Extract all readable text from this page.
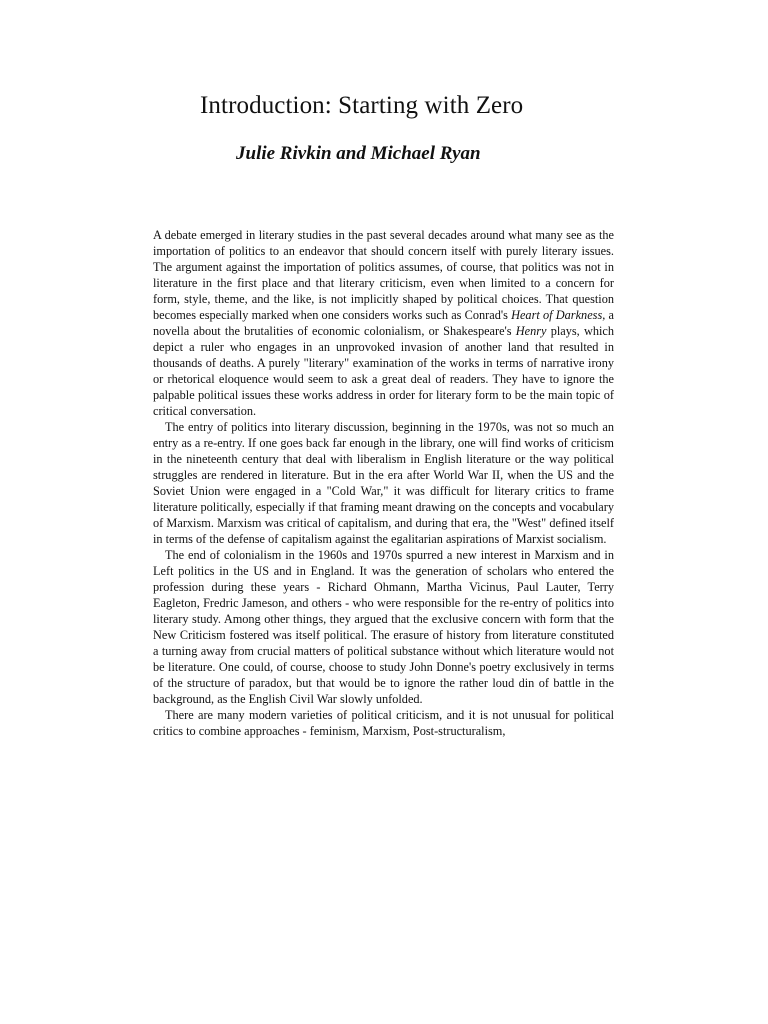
Introduction: Starting with Zero
Julie Rivkin and Michael Ryan

A debate emerged in literary studies in the past several decades around what many see as the importation of politics to an endeavor that should concern itself with purely literary issues. The argument against the importation of politics assumes, of course, that politics was not in literature in the first place and that literary criticism, even when limited to a concern for form, style, theme, and the like, is not implicitly shaped by political choices. That question becomes especially marked when one considers works such as Conrad's Heart of Darkness, a novella about the brutalities of economic colonialism, or Shakespeare's Henry plays, which depict a ruler who engages in an unprovoked invasion of another land that resulted in thousands of deaths. A purely "literary" examination of the works in terms of narrative irony or rhetorical eloquence would seem to ask a great deal of readers. They have to ignore the palpable political issues these works address in order for literary form to be the main topic of critical conversation.

The entry of politics into literary discussion, beginning in the 1970s, was not so much an entry as a re-entry. If one goes back far enough in the library, one will find works of criticism in the nineteenth century that deal with liberalism in English literature or the way political struggles are rendered in literature. But in the era after World War II, when the US and the Soviet Union were engaged in a "Cold War," it was difficult for literary critics to frame literature politically, especially if that framing meant drawing on the concepts and vocabulary of Marxism. Marxism was critical of capitalism, and during that era, the "West" defined itself in terms of the defense of capitalism against the egalitarian aspirations of Marxist socialism.

The end of colonialism in the 1960s and 1970s spurred a new interest in Marxism and in Left politics in the US and in England. It was the generation of scholars who entered the profession during these years - Richard Ohmann, Martha Vicinus, Paul Lauter, Terry Eagleton, Fredric Jameson, and others - who were responsible for the re-entry of politics into literary study. Among other things, they argued that the exclusive concern with form that the New Criticism fostered was itself political. The erasure of history from literature constituted a turning away from crucial matters of political substance without which literature would not be literature. One could, of course, choose to study John Donne's poetry exclusively in terms of the structure of paradox, but that would be to ignore the rather loud din of battle in the background, as the English Civil War slowly unfolded.

There are many modern varieties of political criticism, and it is not unusual for political critics to combine approaches - feminism, Marxism, Post-structuralism,
